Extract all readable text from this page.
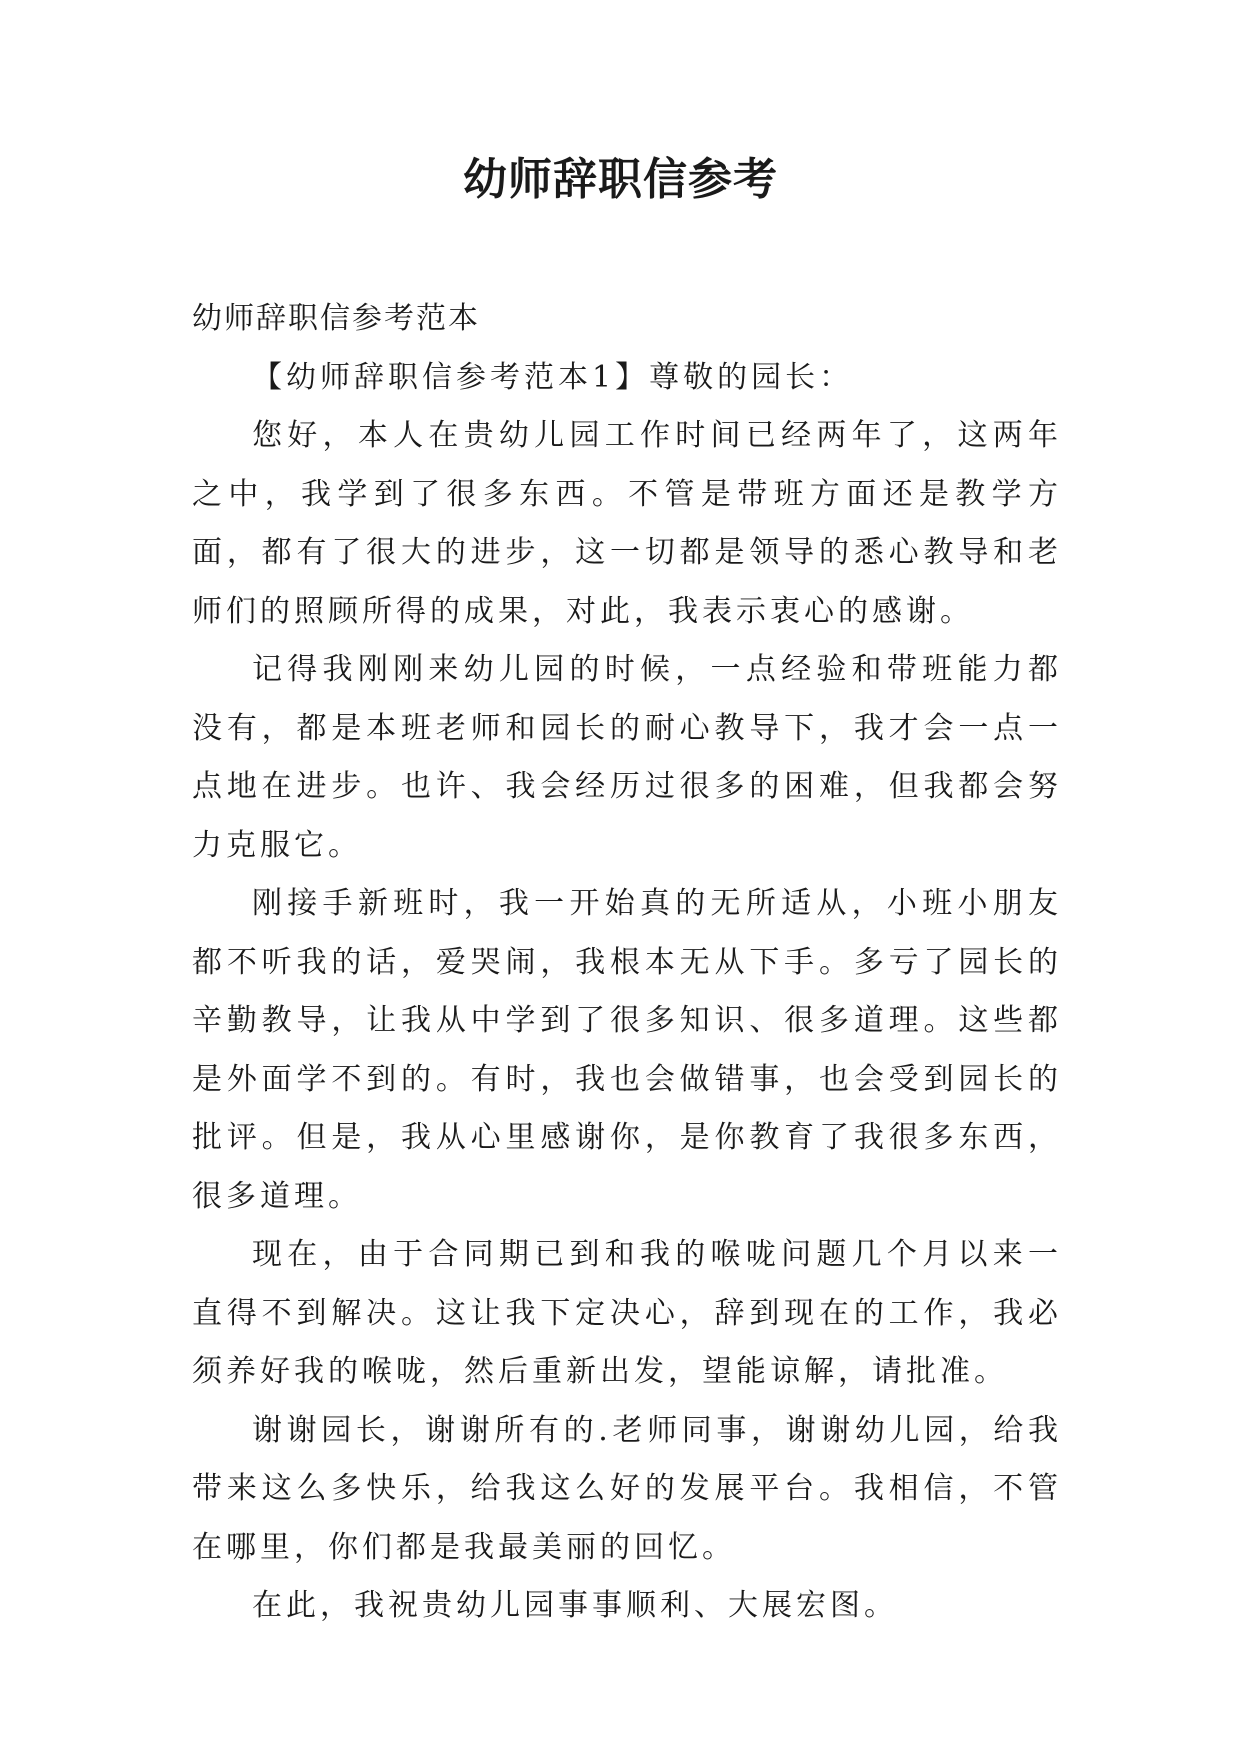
幼师辞职信参考

幼师辞职信参考范本

【幼师辞职信参考范本1】尊敬的园长：

您好，本人在贵幼儿园工作时间已经两年了，这两年之中，我学到了很多东西。不管是带班方面还是教学方面，都有了很大的进步，这一切都是领导的悉心教导和老师们的照顾所得的成果，对此，我表示衷心的感谢。

记得我刚刚来幼儿园的时候，一点经验和带班能力都没有，都是本班老师和园长的耐心教导下，我才会一点一点地在进步。也许、我会经历过很多的困难，但我都会努力克服它。

刚接手新班时，我一开始真的无所适从，小班小朋友都不听我的话，爱哭闹，我根本无从下手。多亏了园长的辛勤教导，让我从中学到了很多知识、很多道理。这些都是外面学不到的。有时，我也会做错事，也会受到园长的批评。但是，我从心里感谢你，是你教育了我很多东西，很多道理。

现在，由于合同期已到和我的喉咙问题几个月以来一直得不到解决。这让我下定决心，辞到现在的工作，我必须养好我的喉咙，然后重新出发，望能谅解，请批准。

谢谢园长，谢谢所有的.老师同事，谢谢幼儿园，给我带来这么多快乐，给我这么好的发展平台。我相信，不管在哪里，你们都是我最美丽的回忆。

在此，我祝贵幼儿园事事顺利、大展宏图。
